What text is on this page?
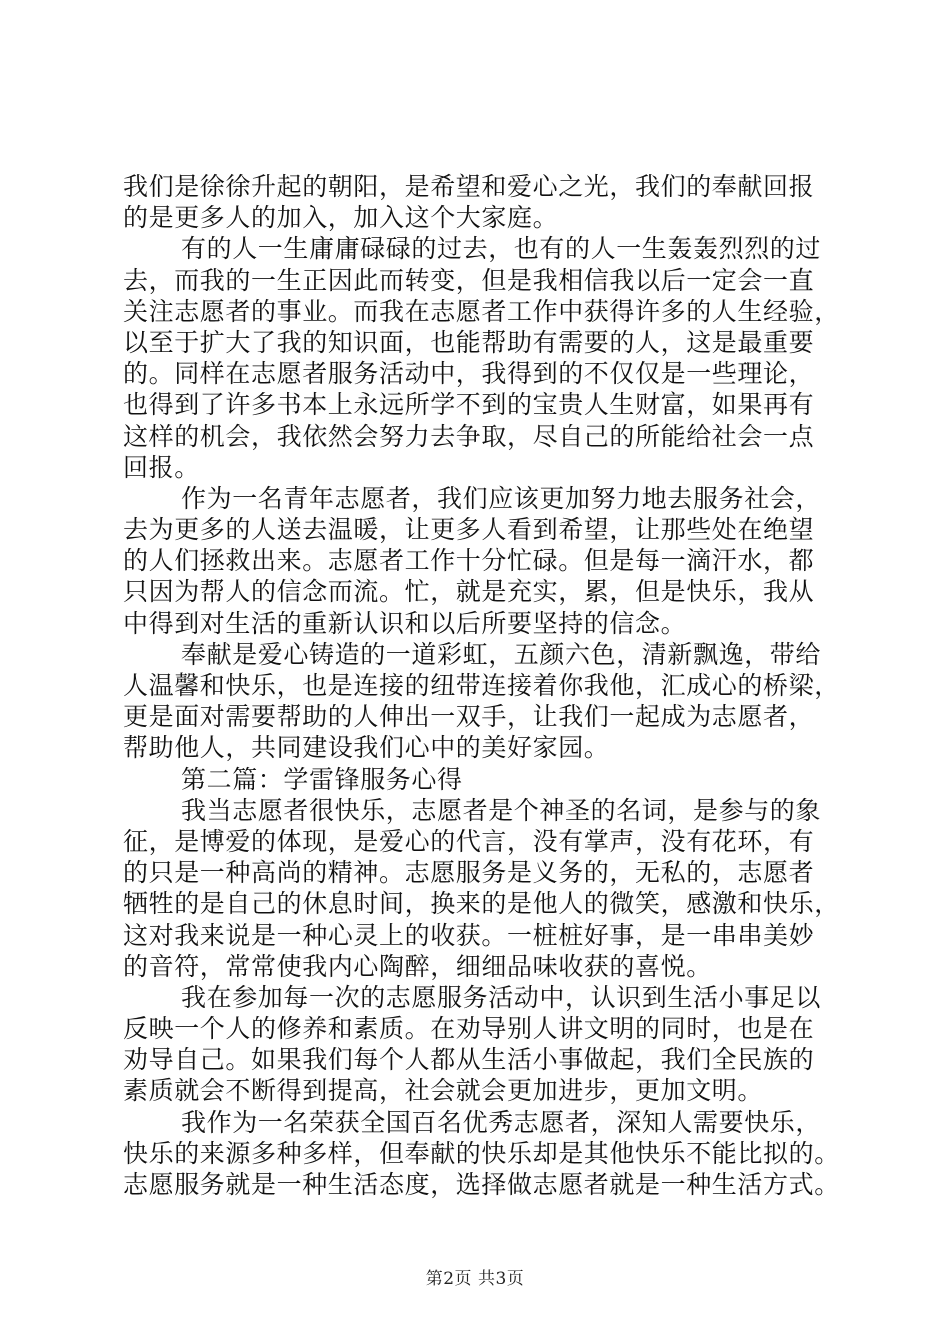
我们是徐徐升起的朝阳，是希望和爱心之光，我们的奉献回报
的是更多人的加入，加入这个大家庭。
有的人一生庸庸碌碌的过去，也有的人一生轰轰烈烈的过
去，而我的一生正因此而转变，但是我相信我以后一定会一直
关注志愿者的事业。而我在志愿者工作中获得许多的人生经验，
以至于扩大了我的知识面，也能帮助有需要的人，这是最重要
的。同样在志愿者服务活动中，我得到的不仅仅是一些理论，
也得到了许多书本上永远所学不到的宝贵人生财富，如果再有
这样的机会，我依然会努力去争取，尽自己的所能给社会一点
回报。
作为一名青年志愿者，我们应该更加努力地去服务社会，
去为更多的人送去温暖，让更多人看到希望，让那些处在绝望
的人们拯救出来。志愿者工作十分忙碌。但是每一滴汗水，都
只因为帮人的信念而流。忙，就是充实，累，但是快乐，我从
中得到对生活的重新认识和以后所要坚持的信念。
奉献是爱心铸造的一道彩虹，五颜六色，清新飘逸，带给
人温馨和快乐，也是连接的纽带连接着你我他，汇成心的桥梁，
更是面对需要帮助的人伸出一双手，让我们一起成为志愿者，
帮助他人，共同建设我们心中的美好家园。
第二篇：学雷锋服务心得
我当志愿者很快乐，志愿者是个神圣的名词，是参与的象
征，是博爱的体现，是爱心的代言，没有掌声，没有花环，有
的只是一种高尚的精神。志愿服务是义务的，无私的，志愿者
牺牲的是自己的休息时间，换来的是他人的微笑，感激和快乐，
这对我来说是一种心灵上的收获。一桩桩好事，是一串串美妙
的音符，常常使我内心陶醉，细细品味收获的喜悦。
我在参加每一次的志愿服务活动中，认识到生活小事足以
反映一个人的修养和素质。在劝导别人讲文明的同时，也是在
劝导自己。如果我们每个人都从生活小事做起，我们全民族的
素质就会不断得到提高，社会就会更加进步，更加文明。
我作为一名荣获全国百名优秀志愿者，深知人需要快乐，
快乐的来源多种多样，但奉献的快乐却是其他快乐不能比拟的。
志愿服务就是一种生活态度，选择做志愿者就是一种生活方式。
第2页 共3页
